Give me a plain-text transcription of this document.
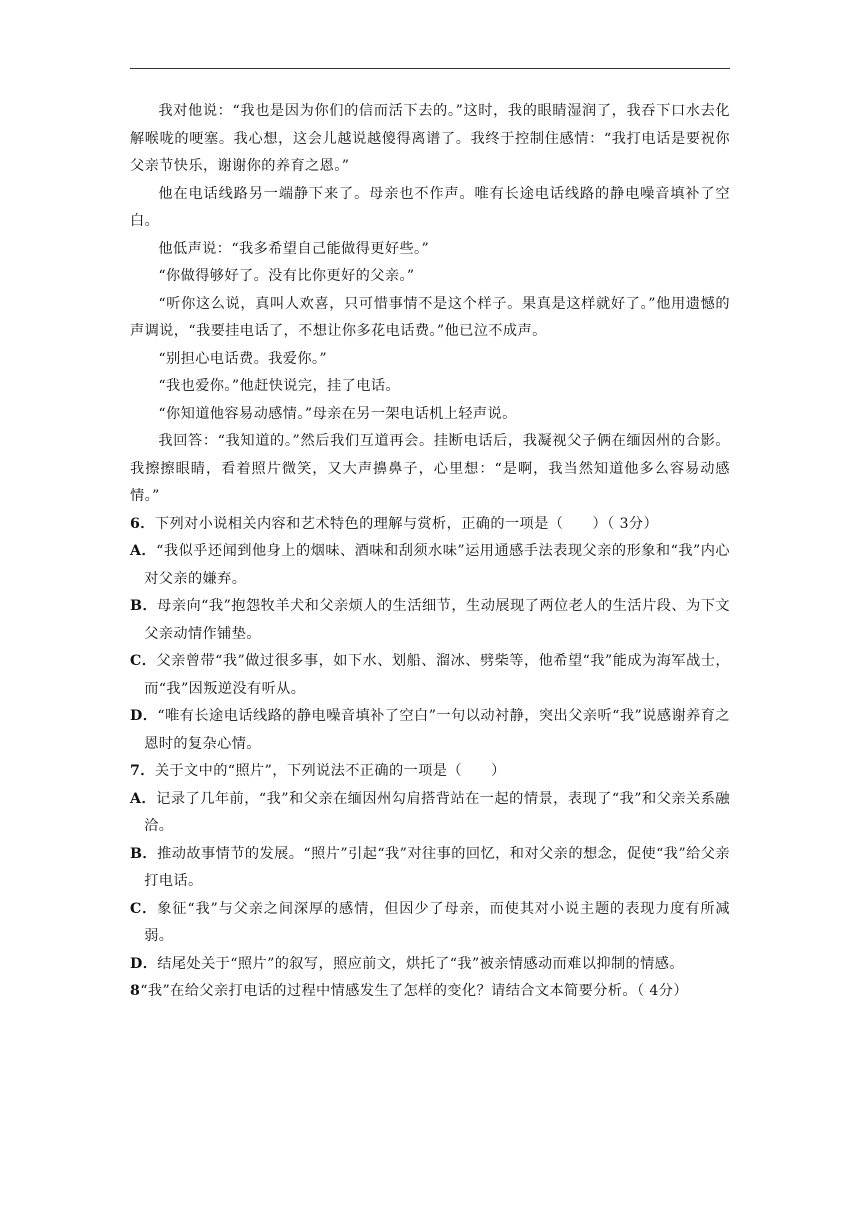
我对他说：“我也是因为你们的信而活下去的。”这时，我的眼睛湿润了，我吞下口水去化解喉咙的哽塞。我心想，这会儿越说越傻得离谱了。我终于控制住感情：“我打电话是要祝你父亲节快乐，谢谢你的养育之恩。”

他在电话线路另一端静下来了。母亲也不作声。唯有长途电话线路的静电噪音填补了空白。

他低声说：“我多希望自己能做得更好些。”

“你做得够好了。没有比你更好的父亲。”

“听你这么说，真叫人欢喜，只可惜事情不是这个样子。果真是这样就好了。”他用遗憾的声调说，“我要挂电话了，不想让你多花电话费。”他已泣不成声。

“别担心电话费。我爱你。”

“我也爱你。”他赶快说完，挂了电话。

“你知道他容易动感情。”母亲在另一架电话机上轻声说。

我回答：“我知道的。”然后我们互道再会。挂断电话后，我凝视父子俩在缅因州的合影。我擦擦眼睛，看着照片微笑，又大声擤鼻子，心里想：“是啊，我当然知道他多么容易动感情。”

6．下列对小说相关内容和艺术特色的理解与赏析，正确的一项是（　　）（ 3分）

A．“我似乎还闻到他身上的烟味、酒味和刮须水味”运用通感手法表现父亲的形象和“我”内心对父亲的嫌弃。

B．母亲向“我”抱怨牧羊犬和父亲烦人的生活细节，生动展现了两位老人的生活片段、为下文父亲动情作铺垫。

C．父亲曾带“我”做过很多事，如下水、划船、溜冰、劈柴等，他希望“我”能成为海军战士，而“我”因叛逆没有听从。

D．“唯有长途电话线路的静电噪音填补了空白”一句以动衬静，突出父亲听“我”说感谢养育之恩时的复杂心情。

7．关于文中的“照片”，下列说法不正确的一项是（　　）

A．记录了几年前，“我”和父亲在缅因州勾肩搭背站在一起的情景，表现了“我”和父亲关系融洽。

B．推动故事情节的发展。“照片”引起“我”对往事的回忆，和对父亲的想念，促使“我”给父亲打电话。

C．象征“我”与父亲之间深厚的感情，但因少了母亲，而使其对小说主题的表现力度有所减弱。

D．结尾处关于“照片”的叙写，照应前文，烘托了“我”被亲情感动而难以抑制的情感。

8“我”在给父亲打电话的过程中情感发生了怎样的变化？请结合文本简要分析。（ 4分）
